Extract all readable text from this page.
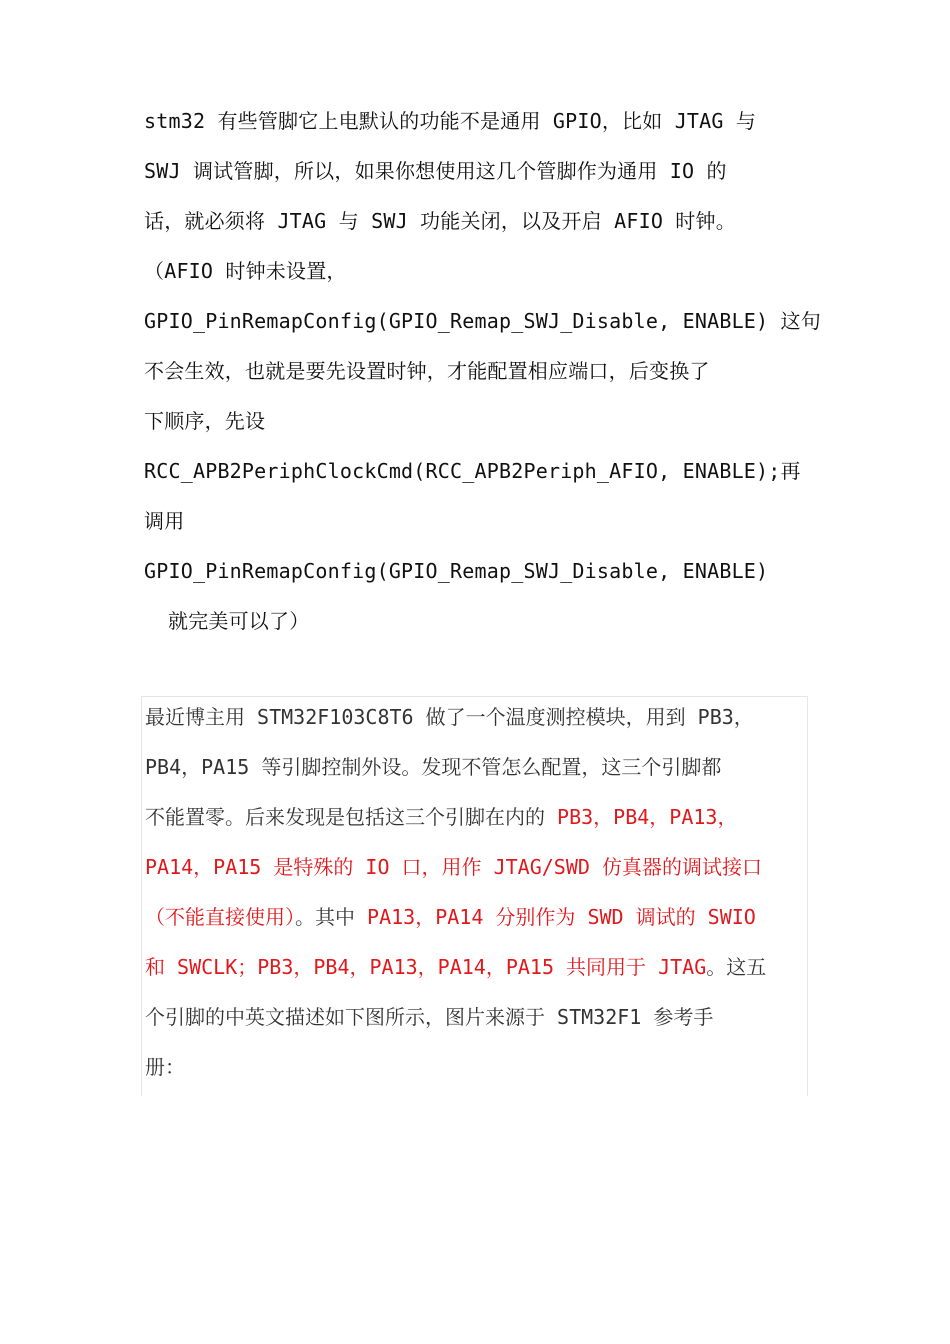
stm32 有些管脚它上电默认的功能不是通用 GPIO，比如 JTAG 与
SWJ 调试管脚，所以，如果你想使用这几个管脚作为通用 IO 的
话，就必须将 JTAG 与 SWJ 功能关闭，以及开启 AFIO 时钟。
（AFIO 时钟未设置，
GPIO_PinRemapConfig(GPIO_Remap_SWJ_Disable, ENABLE) 这句
不会生效，也就是要先设置时钟，才能配置相应端口，后变换了
下顺序，先设
RCC_APB2PeriphClockCmd(RCC_APB2Periph_AFIO, ENABLE);再
调用
GPIO_PinRemapConfig(GPIO_Remap_SWJ_Disable, ENABLE)
就完美可以了）
最近博主用 STM32F103C8T6 做了一个温度测控模块，用到 PB3，
PB4，PA15 等引脚控制外设。发现不管怎么配置，这三个引脚都
不能置零。后来发现是包括这三个引脚在内的 PB3，PB4，PA13，
PA14，PA15 是特殊的 IO 口，用作 JTAG/SWD 仿真器的调试接口
（不能直接使用）。其中 PA13，PA14 分别作为 SWD 调试的 SWIO
和 SWCLK；PB3，PB4，PA13，PA14，PA15 共同用于 JTAG。这五
个引脚的中英文描述如下图所示，图片来源于 STM32F1 参考手
册：
